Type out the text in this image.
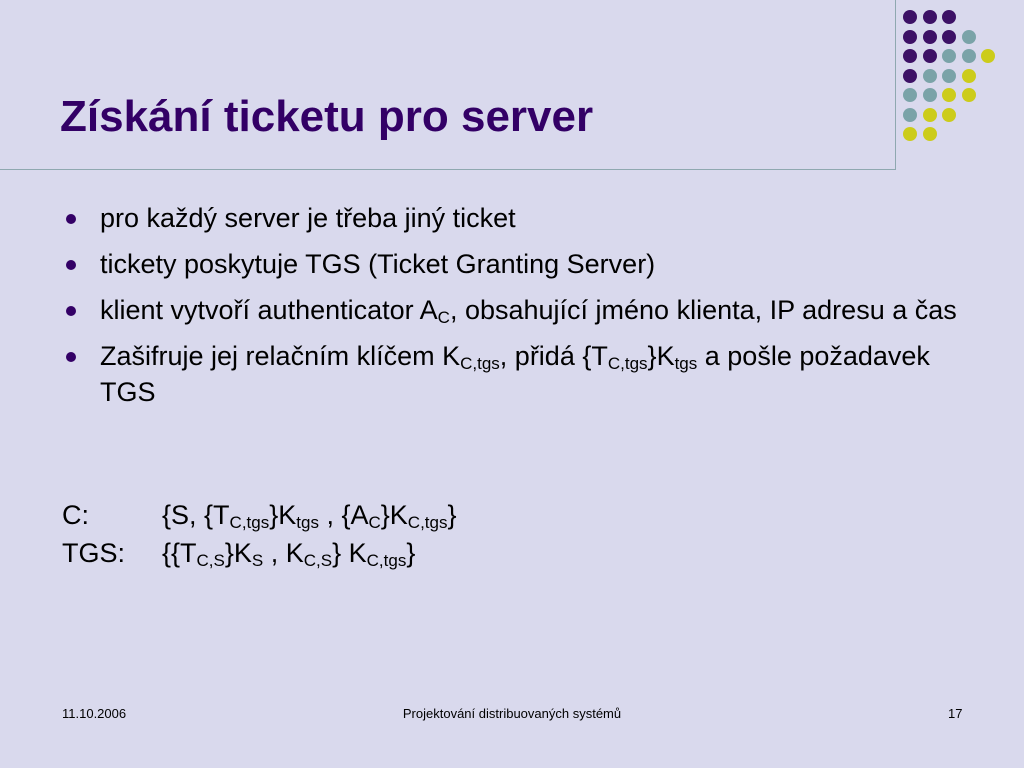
Získání ticketu pro server
pro každý server je třeba jiný ticket
tickety poskytuje TGS (Ticket Granting Server)
klient vytvoří authenticator $A_C$, obsahující jméno klienta, IP adresu a čas
Zašifruje jej relačním klíčem $K_{C,tgs}$, přidá $\{T_{C,tgs}\}K_{tgs}$ a pošle požadavek TGS
C:	{S, $\{T_{C,tgs}\}K_{tgs}$ , $\{A_C\}K_{C,tgs}$}
TGS: {$\{T_{C,S}\}K_S$ , $K_{C,S}$} $K_{C,tgs}$}
11.10.2006	Projektování distribuovaných systémů	17
